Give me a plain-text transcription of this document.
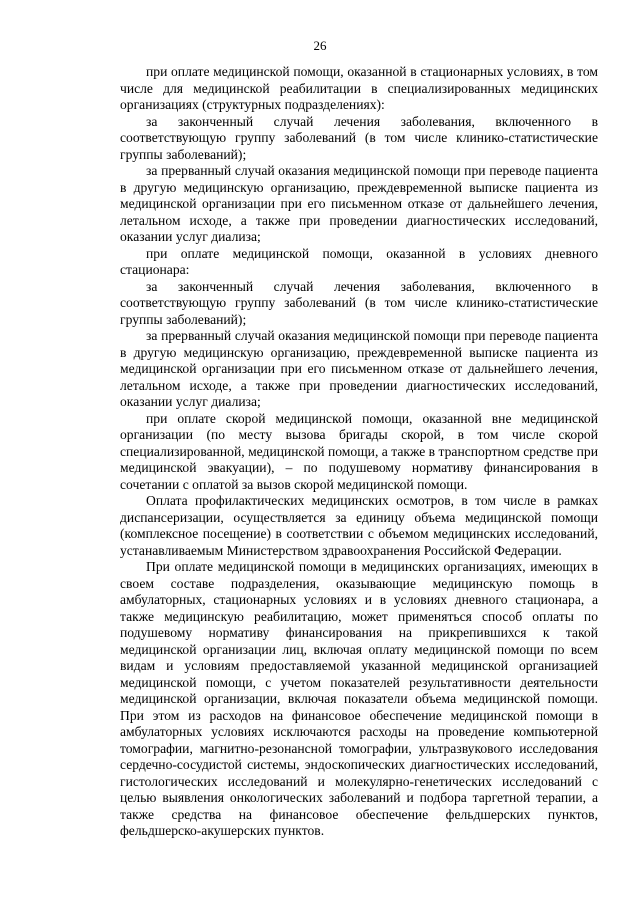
26

при оплате медицинской помощи, оказанной в стационарных условиях, в том числе для медицинской реабилитации в специализированных медицинских организациях (структурных подразделениях):

за законченный случай лечения заболевания, включенного в соответствующую группу заболеваний (в том числе клинико-статистические группы заболеваний);

за прерванный случай оказания медицинской помощи при переводе пациента в другую медицинскую организацию, преждевременной выписке пациента из медицинской организации при его письменном отказе от дальнейшего лечения, летальном исходе, а также при проведении диагностических исследований, оказании услуг диализа;

при оплате медицинской помощи, оказанной в условиях дневного стационара:

за законченный случай лечения заболевания, включенного в соответствующую группу заболеваний (в том числе клинико-статистические группы заболеваний);

за прерванный случай оказания медицинской помощи при переводе пациента в другую медицинскую организацию, преждевременной выписке пациента из медицинской организации при его письменном отказе от дальнейшего лечения, летальном исходе, а также при проведении диагностических исследований, оказании услуг диализа;

при оплате скорой медицинской помощи, оказанной вне медицинской организации (по месту вызова бригады скорой, в том числе скорой специализированной, медицинской помощи, а также в транспортном средстве при медицинской эвакуации), – по подушевому нормативу финансирования в сочетании с оплатой за вызов скорой медицинской помощи.

Оплата профилактических медицинских осмотров, в том числе в рамках диспансеризации, осуществляется за единицу объема медицинской помощи (комплексное посещение) в соответствии с объемом медицинских исследований, устанавливаемым Министерством здравоохранения Российской Федерации.

При оплате медицинской помощи в медицинских организациях, имеющих в своем составе подразделения, оказывающие медицинскую помощь в амбулаторных, стационарных условиях и в условиях дневного стационара, а также медицинскую реабилитацию, может применяться способ оплаты по подушевому нормативу финансирования на прикрепившихся к такой медицинской организации лиц, включая оплату медицинской помощи по всем видам и условиям предоставляемой указанной медицинской организацией медицинской помощи, с учетом показателей результативности деятельности медицинской организации, включая показатели объема медицинской помощи. При этом из расходов на финансовое обеспечение медицинской помощи в амбулаторных условиях исключаются расходы на проведение компьютерной томографии, магнитно-резонансной томографии, ультразвукового исследования сердечно-сосудистой системы, эндоскопических диагностических исследований, гистологических исследований и молекулярно-генетических исследований с целью выявления онкологических заболеваний и подбора таргетной терапии, а также средства на финансовое обеспечение фельдшерских пунктов, фельдшерско-акушерских пунктов.
